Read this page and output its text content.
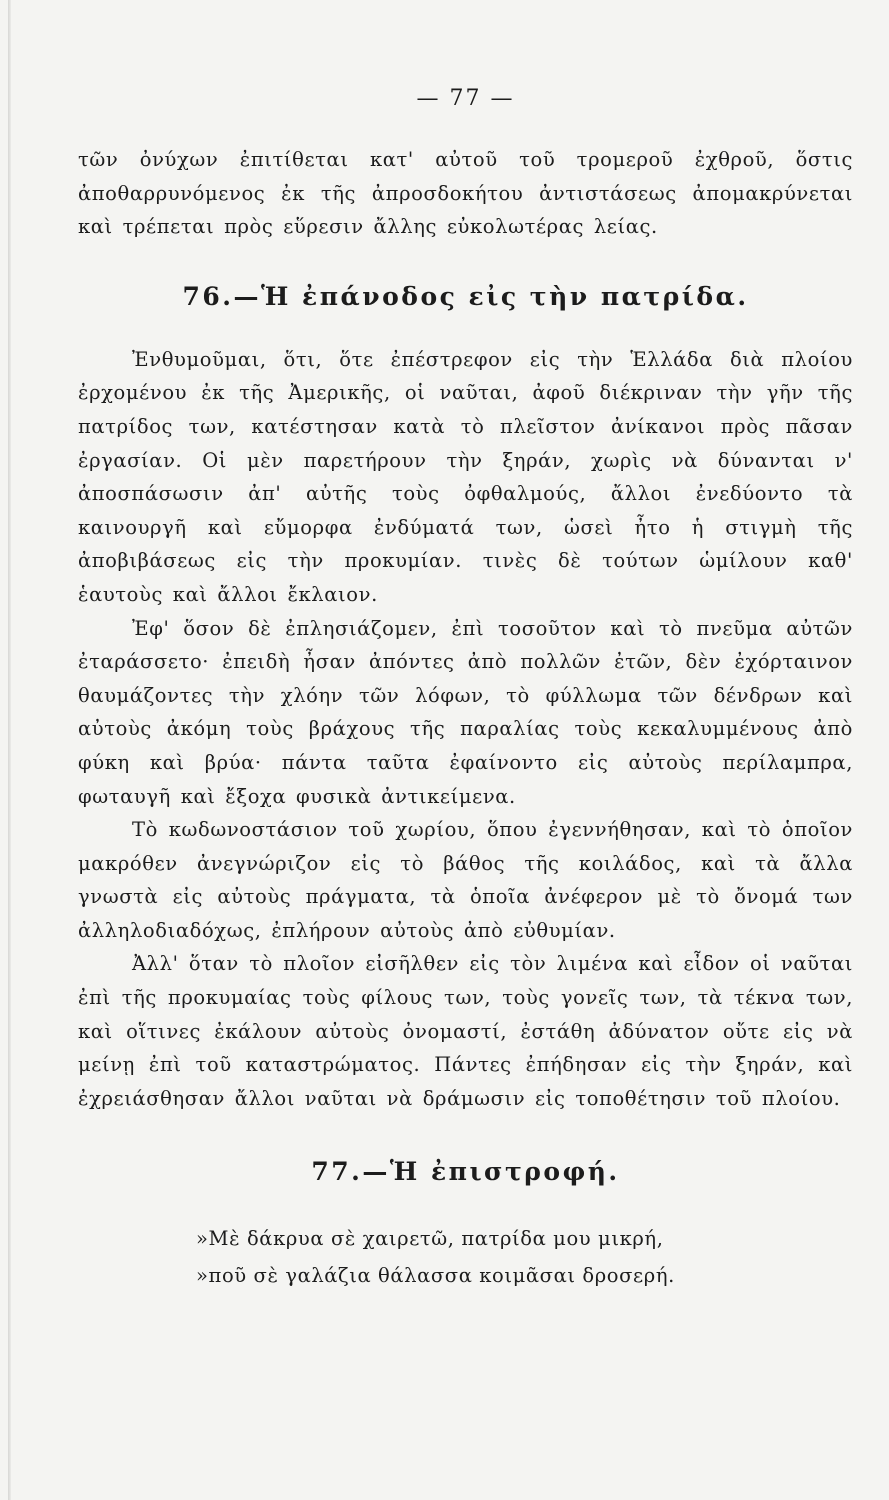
— 77 —

τῶν ὀνύχων ἐπιτίθεται κατ' αὐτοῦ τοῦ τρομεροῦ ἐχθροῦ, ὅστις ἀποθαρρυνόμενος ἐκ τῆς ἀπροσδοκήτου ἀντιστάσεως ἀπομακρύνεται καὶ τρέπεται πρὸς εὕρεσιν ἄλλης εὐκολωτέρας λείας.

76.—Ἡ ἐπάνοδος εἰς τὴν πατρίδα.

Ἐνθυμοῦμαι, ὅτι, ὅτε ἐπέστρεφον εἰς τὴν Ἑλλάδα διὰ πλοίου ἐρχομένου ἐκ τῆς Ἀμερικῆς, οἱ ναῦται, ἀφοῦ διέκριναν τὴν γῆν τῆς πατρίδος των, κατέστησαν κατὰ τὸ πλεῖστον ἀνίκανοι πρὸς πᾶσαν ἐργασίαν. Οἱ μὲν παρετήρουν τὴν ξηράν, χωρὶς νὰ δύνανται ν' ἀποσπάσωσιν ἀπ' αὐτῆς τοὺς ὀφθαλμούς, ἄλλοι ἐνεδύοντο τὰ καινουργῆ καὶ εὔμορφα ἐνδύματά των, ὡσεὶ ἦτο ἡ στιγμὴ τῆς ἀποβιβάσεως εἰς τὴν προκυμίαν. τινὲς δὲ τούτων ὡμίλουν καθ' ἑαυτοὺς καὶ ἄλλοι ἔκλαιον.

Ἐφ' ὅσον δὲ ἐπλησιάζομεν, ἐπὶ τοσοῦτον καὶ τὸ πνεῦμα αὐτῶν ἐταράσσετο· ἐπειδὴ ἦσαν ἀπόντες ἀπὸ πολλῶν ἐτῶν, δὲν ἐχόρταινον θαυμάζοντες τὴν χλόην τῶν λόφων, τὸ φύλλωμα τῶν δένδρων καὶ αὐτοὺς ἀκόμη τοὺς βράχους τῆς παραλίας τοὺς κεκαλυμμένους ἀπὸ φύκη καὶ βρύα· πάντα ταῦτα ἐφαίνοντο εἰς αὐτοὺς περίλαμπρα, φωταυγῆ καὶ ἔξοχα φυσικὰ ἀντικείμενα.

Τὸ κωδωνοστάσιον τοῦ χωρίου, ὅπου ἐγεννήθησαν, καὶ τὸ ὁποῖον μακρόθεν ἀνεγνώριζον εἰς τὸ βάθος τῆς κοιλάδος, καὶ τὰ ἄλλα γνωστὰ εἰς αὐτοὺς πράγματα, τὰ ὁποῖα ἀνέφερον μὲ τὸ ὄνομά των ἀλληλοδιαδόχως, ἐπλήρουν αὐτοὺς ἀπὸ εὐθυμίαν.

Ἀλλ' ὅταν τὸ πλοῖον εἰσῆλθεν εἰς τὸν λιμένα καὶ εἶδον οἱ ναῦται ἐπὶ τῆς προκυμαίας τοὺς φίλους των, τοὺς γονεῖς των, τὰ τέκνα των, καὶ οἵτινες ἐκάλουν αὐτοὺς ὀνομαστί, ἐστάθη ἀδύνατον οὔτε εἰς νὰ μείνῃ ἐπὶ τοῦ καταστρώματος. Πάντες ἐπήδησαν εἰς τὴν ξηράν, καὶ ἐχρειάσθησαν ἄλλοι ναῦται νὰ δράμωσιν εἰς τοποθέτησιν τοῦ πλοίου.

77.—Ἡ ἐπιστροφή.
»Μὲ δάκρυα σὲ χαιρετῶ, πατρίδα μου μικρή,
»ποῦ σὲ γαλάζια θάλασσα κοιμᾶσαι δροσερή.
